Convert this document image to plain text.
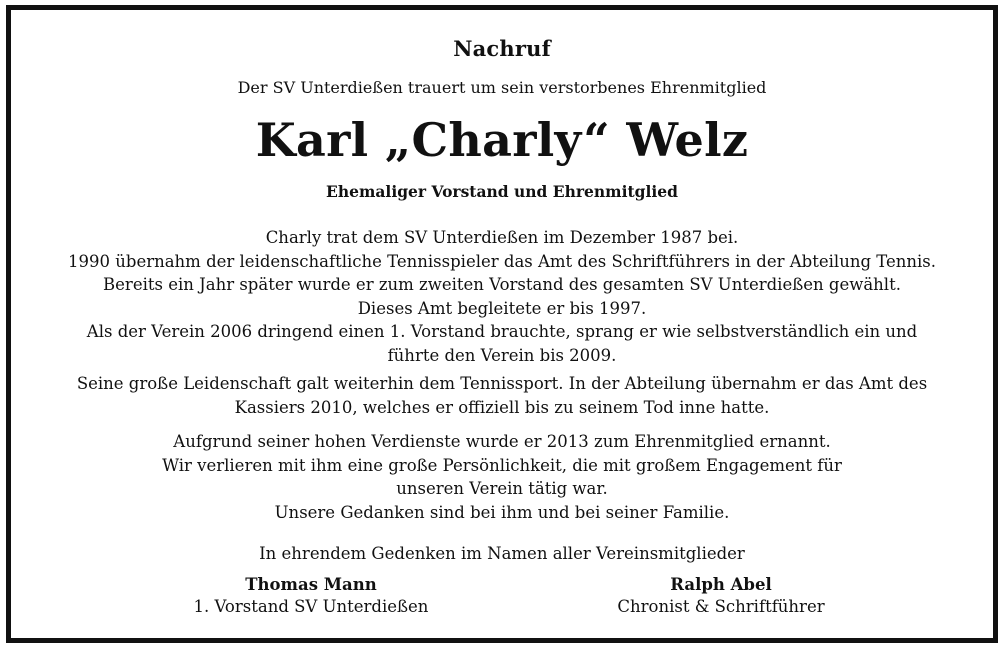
Nachruf
Der SV Unterdießen trauert um sein verstorbenes Ehrenmitglied
Karl „Charly“ Welz
Ehemaliger Vorstand und Ehrenmitglied
Charly trat dem SV Unterdießen im Dezember 1987 bei.
1990 übernahm der leidenschaftliche Tennisspieler das Amt des Schriftführers in der Abteilung Tennis.
Bereits ein Jahr später wurde er zum zweiten Vorstand des gesamten SV Unterdießen gewählt.
Dieses Amt begleitete er bis 1997.
Als der Verein 2006 dringend einen 1. Vorstand brauchte, sprang er wie selbstverständlich ein und
führte den Verein bis 2009.
Seine große Leidenschaft galt weiterhin dem Tennissport. In der Abteilung übernahm er das Amt des
Kassiers 2010, welches er offiziell bis zu seinem Tod inne hatte.
Aufgrund seiner hohen Verdienste wurde er 2013 zum Ehrenmitglied ernannt.
Wir verlieren mit ihm eine große Persönlichkeit, die mit großem Engagement für
unseren Verein tätig war.
Unsere Gedanken sind bei ihm und bei seiner Familie.
In ehrendem Gedenken im Namen aller Vereinsmitglieder
Thomas Mann
1. Vorstand SV Unterdießen
Ralph Abel
Chronist & Schriftführer
